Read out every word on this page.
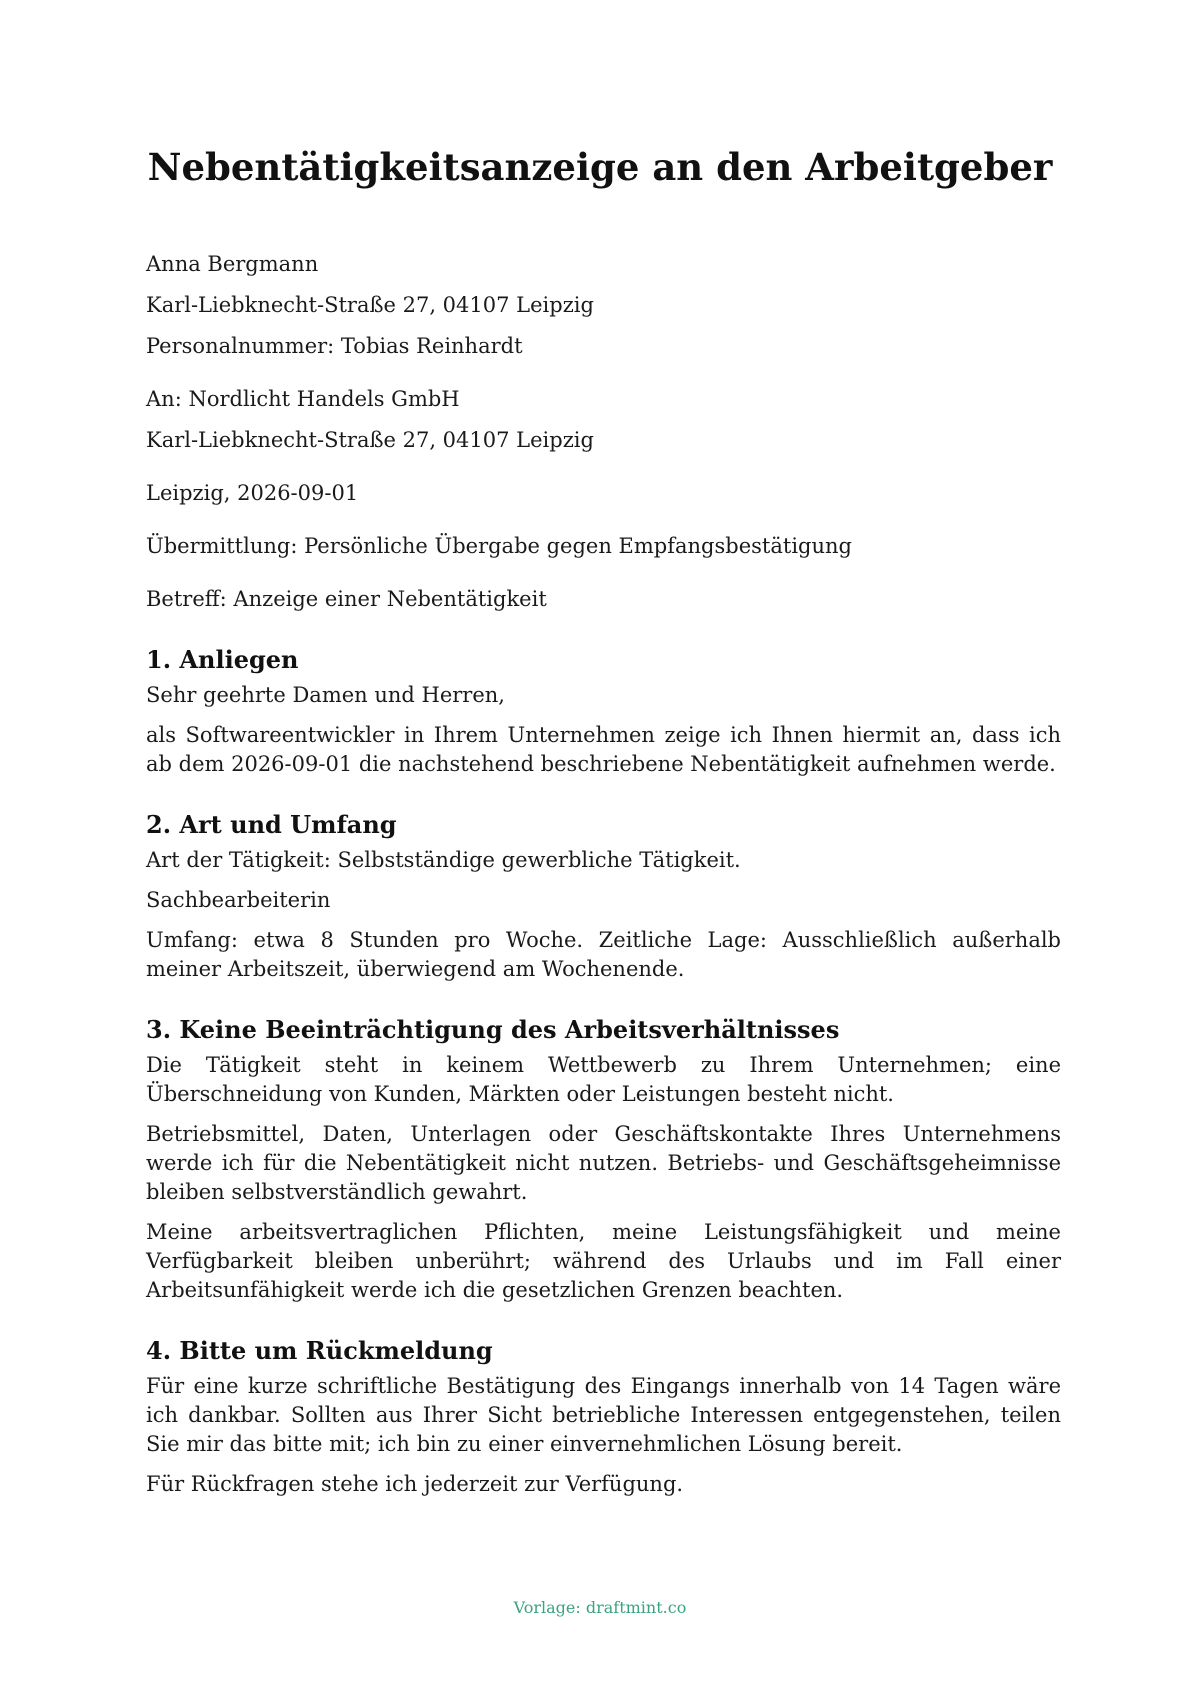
Nebentätigkeitsanzeige an den Arbeitgeber

Anna Bergmann

Karl-Liebknecht-Straße 27, 04107 Leipzig

Personalnummer: Tobias Reinhardt

An: Nordlicht Handels GmbH

Karl-Liebknecht-Straße 27, 04107 Leipzig

Leipzig, 2026-09-01

Übermittlung: Persönliche Übergabe gegen Empfangsbestätigung

Betreff: Anzeige einer Nebentätigkeit

1. Anliegen

Sehr geehrte Damen und Herren,

als Softwareentwickler in Ihrem Unternehmen zeige ich Ihnen hiermit an, dass ich ab dem 2026-09-01 die nachstehend beschriebene Nebentätigkeit aufnehmen werde.

2. Art und Umfang

Art der Tätigkeit: Selbstständige gewerbliche Tätigkeit.

Sachbearbeiterin

Umfang: etwa 8 Stunden pro Woche. Zeitliche Lage: Ausschließlich außerhalb meiner Arbeitszeit, überwiegend am Wochenende.

3. Keine Beeinträchtigung des Arbeitsverhältnisses

Die Tätigkeit steht in keinem Wettbewerb zu Ihrem Unternehmen; eine Überschneidung von Kunden, Märkten oder Leistungen besteht nicht.

Betriebsmittel, Daten, Unterlagen oder Geschäftskontakte Ihres Unternehmens werde ich für die Nebentätigkeit nicht nutzen. Betriebs- und Geschäftsgeheimnisse bleiben selbstverständlich gewahrt.

Meine arbeitsvertraglichen Pflichten, meine Leistungsfähigkeit und meine Verfügbarkeit bleiben unberührt; während des Urlaubs und im Fall einer Arbeitsunfähigkeit werde ich die gesetzlichen Grenzen beachten.

4. Bitte um Rückmeldung

Für eine kurze schriftliche Bestätigung des Eingangs innerhalb von 14 Tagen wäre ich dankbar. Sollten aus Ihrer Sicht betriebliche Interessen entgegenstehen, teilen Sie mir das bitte mit; ich bin zu einer einvernehmlichen Lösung bereit.

Für Rückfragen stehe ich jederzeit zur Verfügung.

Vorlage: draftmint.co
